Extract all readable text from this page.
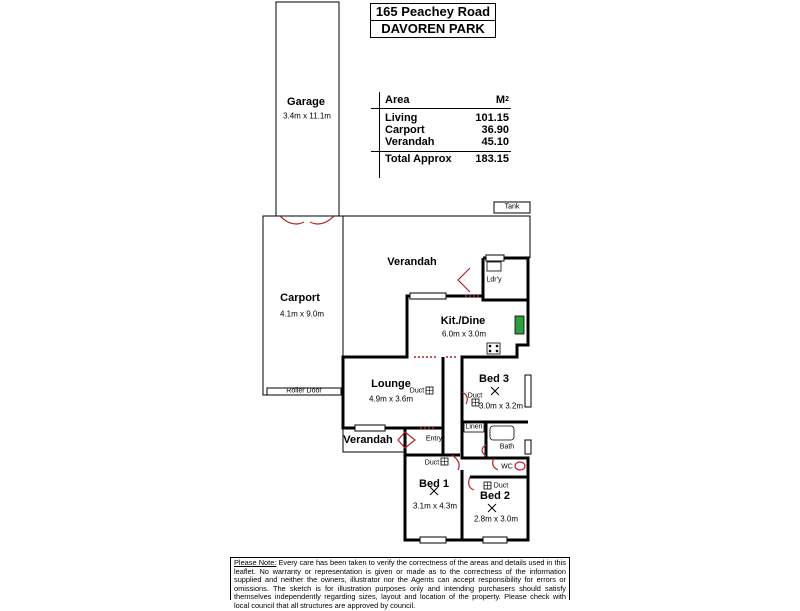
165 Peachey Road
DAVOREN PARK
Area	$M^2$
Living	101.15
Carport	36.90
Verandah	45.10
Total Approx 183.15
Garage
3.4m x 11.1m
Carport
4.1m x 9.0m
Roller Door
Verandah
Tank
Ldr'y
Kit./Dine
6.0m x 3.0m
Lounge
4.9m x 3.6m
Duct
Bed 3
3.0m x 3.2m
Duct
Linen
Bath
WC
Verandah	Entry
Duct
Bed 1
3.1m x 4.3m
Duct
Bed 2
2.8m x 3.0m
Please Note: Every care has been taken to verify the correctness of the areas and details used in this leaflet. No warranty or representation is given or made as to the correctness of the information supplied and neither the owners, illustrator nor the Agents can accept responsibility for errors or omissions. The sketch is for illustration purposes only and intending purchasers should satisfy themselves independently regarding sizes, layout and location of the property. Please check with local council that all structures are approved by council.
